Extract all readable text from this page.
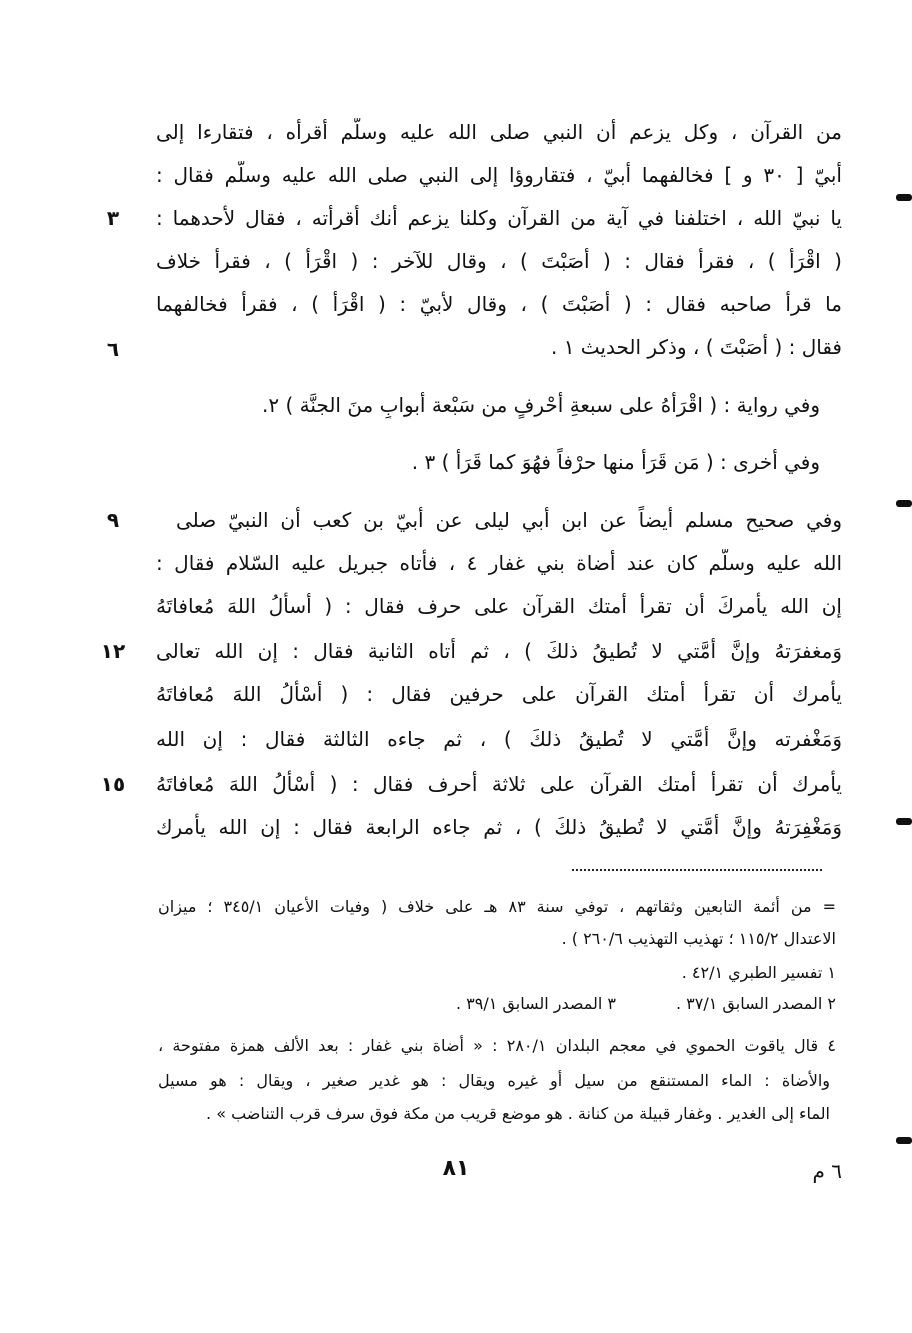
من القرآن ، وكل يزعم أن النبي صلى الله عليه وسلّم أقرأه ، فتقارءا إلى
أبيّ [ ٣٠ و ] فخالفهما أبيّ ، فتقاروؤا إلى النبي صلى الله عليه وسلّم فقال :
يا نبيّ الله ، اختلفنا في آية من القرآن وكلنا يزعم أنك أقرأته ، فقال لأحدهما :
( اقْرَأْ ) ، فقرأ فقال : ( أَصَبْتَ ) ، وقال للآخر : ( اقْرَأْ ) ، فقرأ خلاف
ما قرأ صاحبه فقال : ( أَصَبْتَ ) ، وقال لأبيّ : ( اقْرَأْ ) ، فقرأ فخالفهما
فقال : ( أَصَبْتَ ) ، وذكر الحديث ١ .
وفي رواية : ( اقْرَأهُ على سبعةِ أحْرفٍ من سَبْعة أبوابٍ منَ الجنَّة ) ٢.
وفي أخرى : ( مَن قَرَأ منها حرْفاً فهُوَ كما قَرَأ ) ٣ .
وفي صحيح مسلم أيضاً عن ابن أبي ليلى عن أُبيّ بن كعب أن النبيّ صلى
الله عليه وسلّم كان عند أضاة بني غفار ٤ ، فأتاه جبريل عليه السّلام فقال :
إن الله يأمركَ أن تقرأ أمتك القرآن على حرف فقال : ( أَسأَلُ اللهَ مُعافاتَهُ
وَمغفرَتهُ وإنَّ أُمَّتي لا تُطيقُ ذلكَ ) ، ثم أتاه الثانية فقال : إن الله تعالى
يأمرك أن تقرأ أُمتك القرآن على حرفين فقال : ( أَسْأَلُ اللهَ مُعافاتَهُ
وَمَغْفرته وإنَّ أُمَّتي لا تُطيقُ ذلكَ ) ، ثم جاءه الثالثة فقال : إن الله
يأمرك أن تقرأ أُمتك القرآن على ثلاثة أحرف فقال : ( أَسْأَلُ اللهَ مُعافاتَهُ
وَمَغْفِرَتهُ وإنَّ أُمَّتي لا تُطيقُ ذلكَ ) ، ثم جاءه الرابعة فقال : إن الله يأمرك
٣
٦
٩
١٢
١٥
= من أئمة التابعين وثقاتهم ، توفي سنة ٨٣ هـ على خلاف ( وفيات الأعيان ٣٤٥/١ ؛ ميزان
الاعتدال ١١٥/٢ ؛ تهذيب التهذيب ٢٦٠/٦ ) .
١ تفسير الطبري ٤٢/١ .
٢ المصدر السابق ٣٧/١ .
٣ المصدر السابق ٣٩/١ .
٤ قال ياقوت الحموي في معجم البلدان ٢٨٠/١ : « أضاة بني غفار : بعد الألف همزة مفتوحة ،
والأضاة : الماء المستنقع من سيل أو غيره ويقال : هو غدير صغير ، ويقال : هو مسيل
الماء إلى الغدير . وغفار قبيلة من كنانة . هو موضع قريب من مكة فوق سرف قرب التناضب » .
٨١	٦ م
